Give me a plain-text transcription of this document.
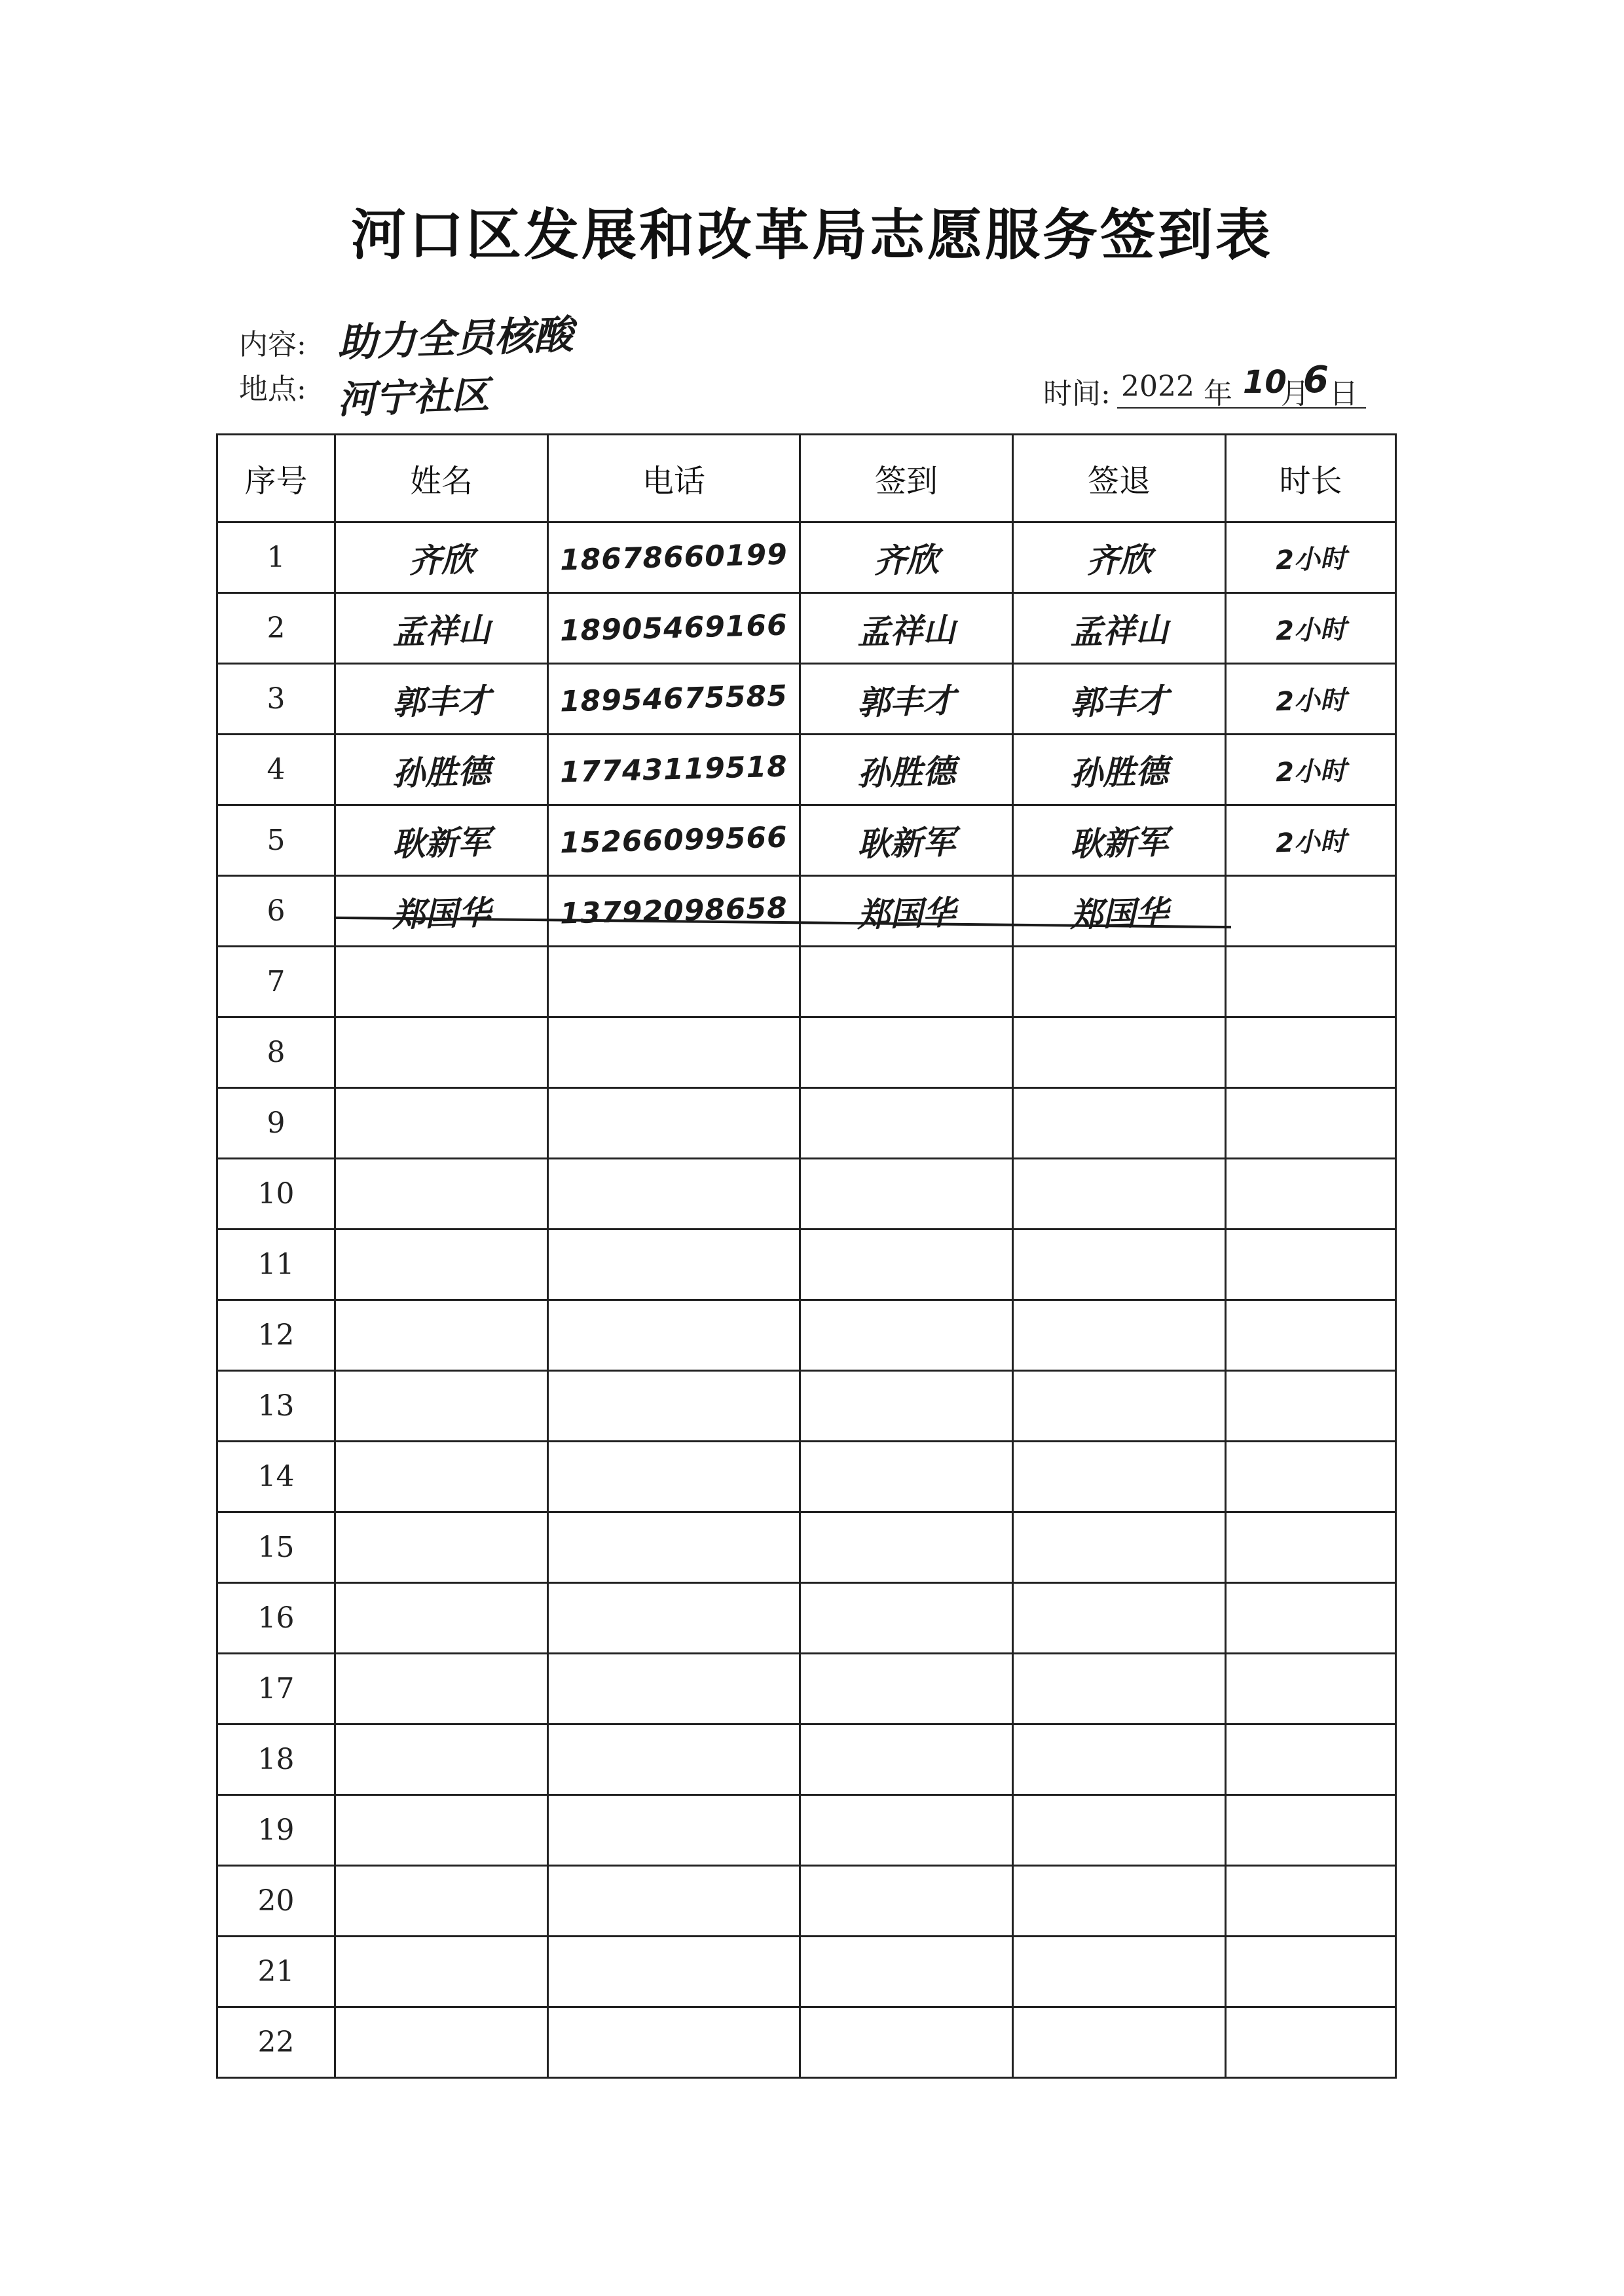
河口区发展和改革局志愿服务签到表
内容: 助力全员核酸
地点: 河宁社区	时间: 2022 年 10
月
6 日
序号	姓名	电话	签到	签退	时长
1	齐欣	18678660199	齐欣	齐欣	2小时
2	孟祥山	18905469166	孟祥山	孟祥山	2小时
3	郭丰才	18954675585	郭丰才	郭丰才	2小时
4	孙胜德	17743119518	孙胜德	孙胜德	2小时
5	耿新军	15266099566	耿新军	耿新军	2小时
6	郑国华	13792098658	郑国华	郑国华	
7					
8					
9					
10					
11					
12					
13					
14					
15					
16					
17					
18					
19					
20					
21					
22					
